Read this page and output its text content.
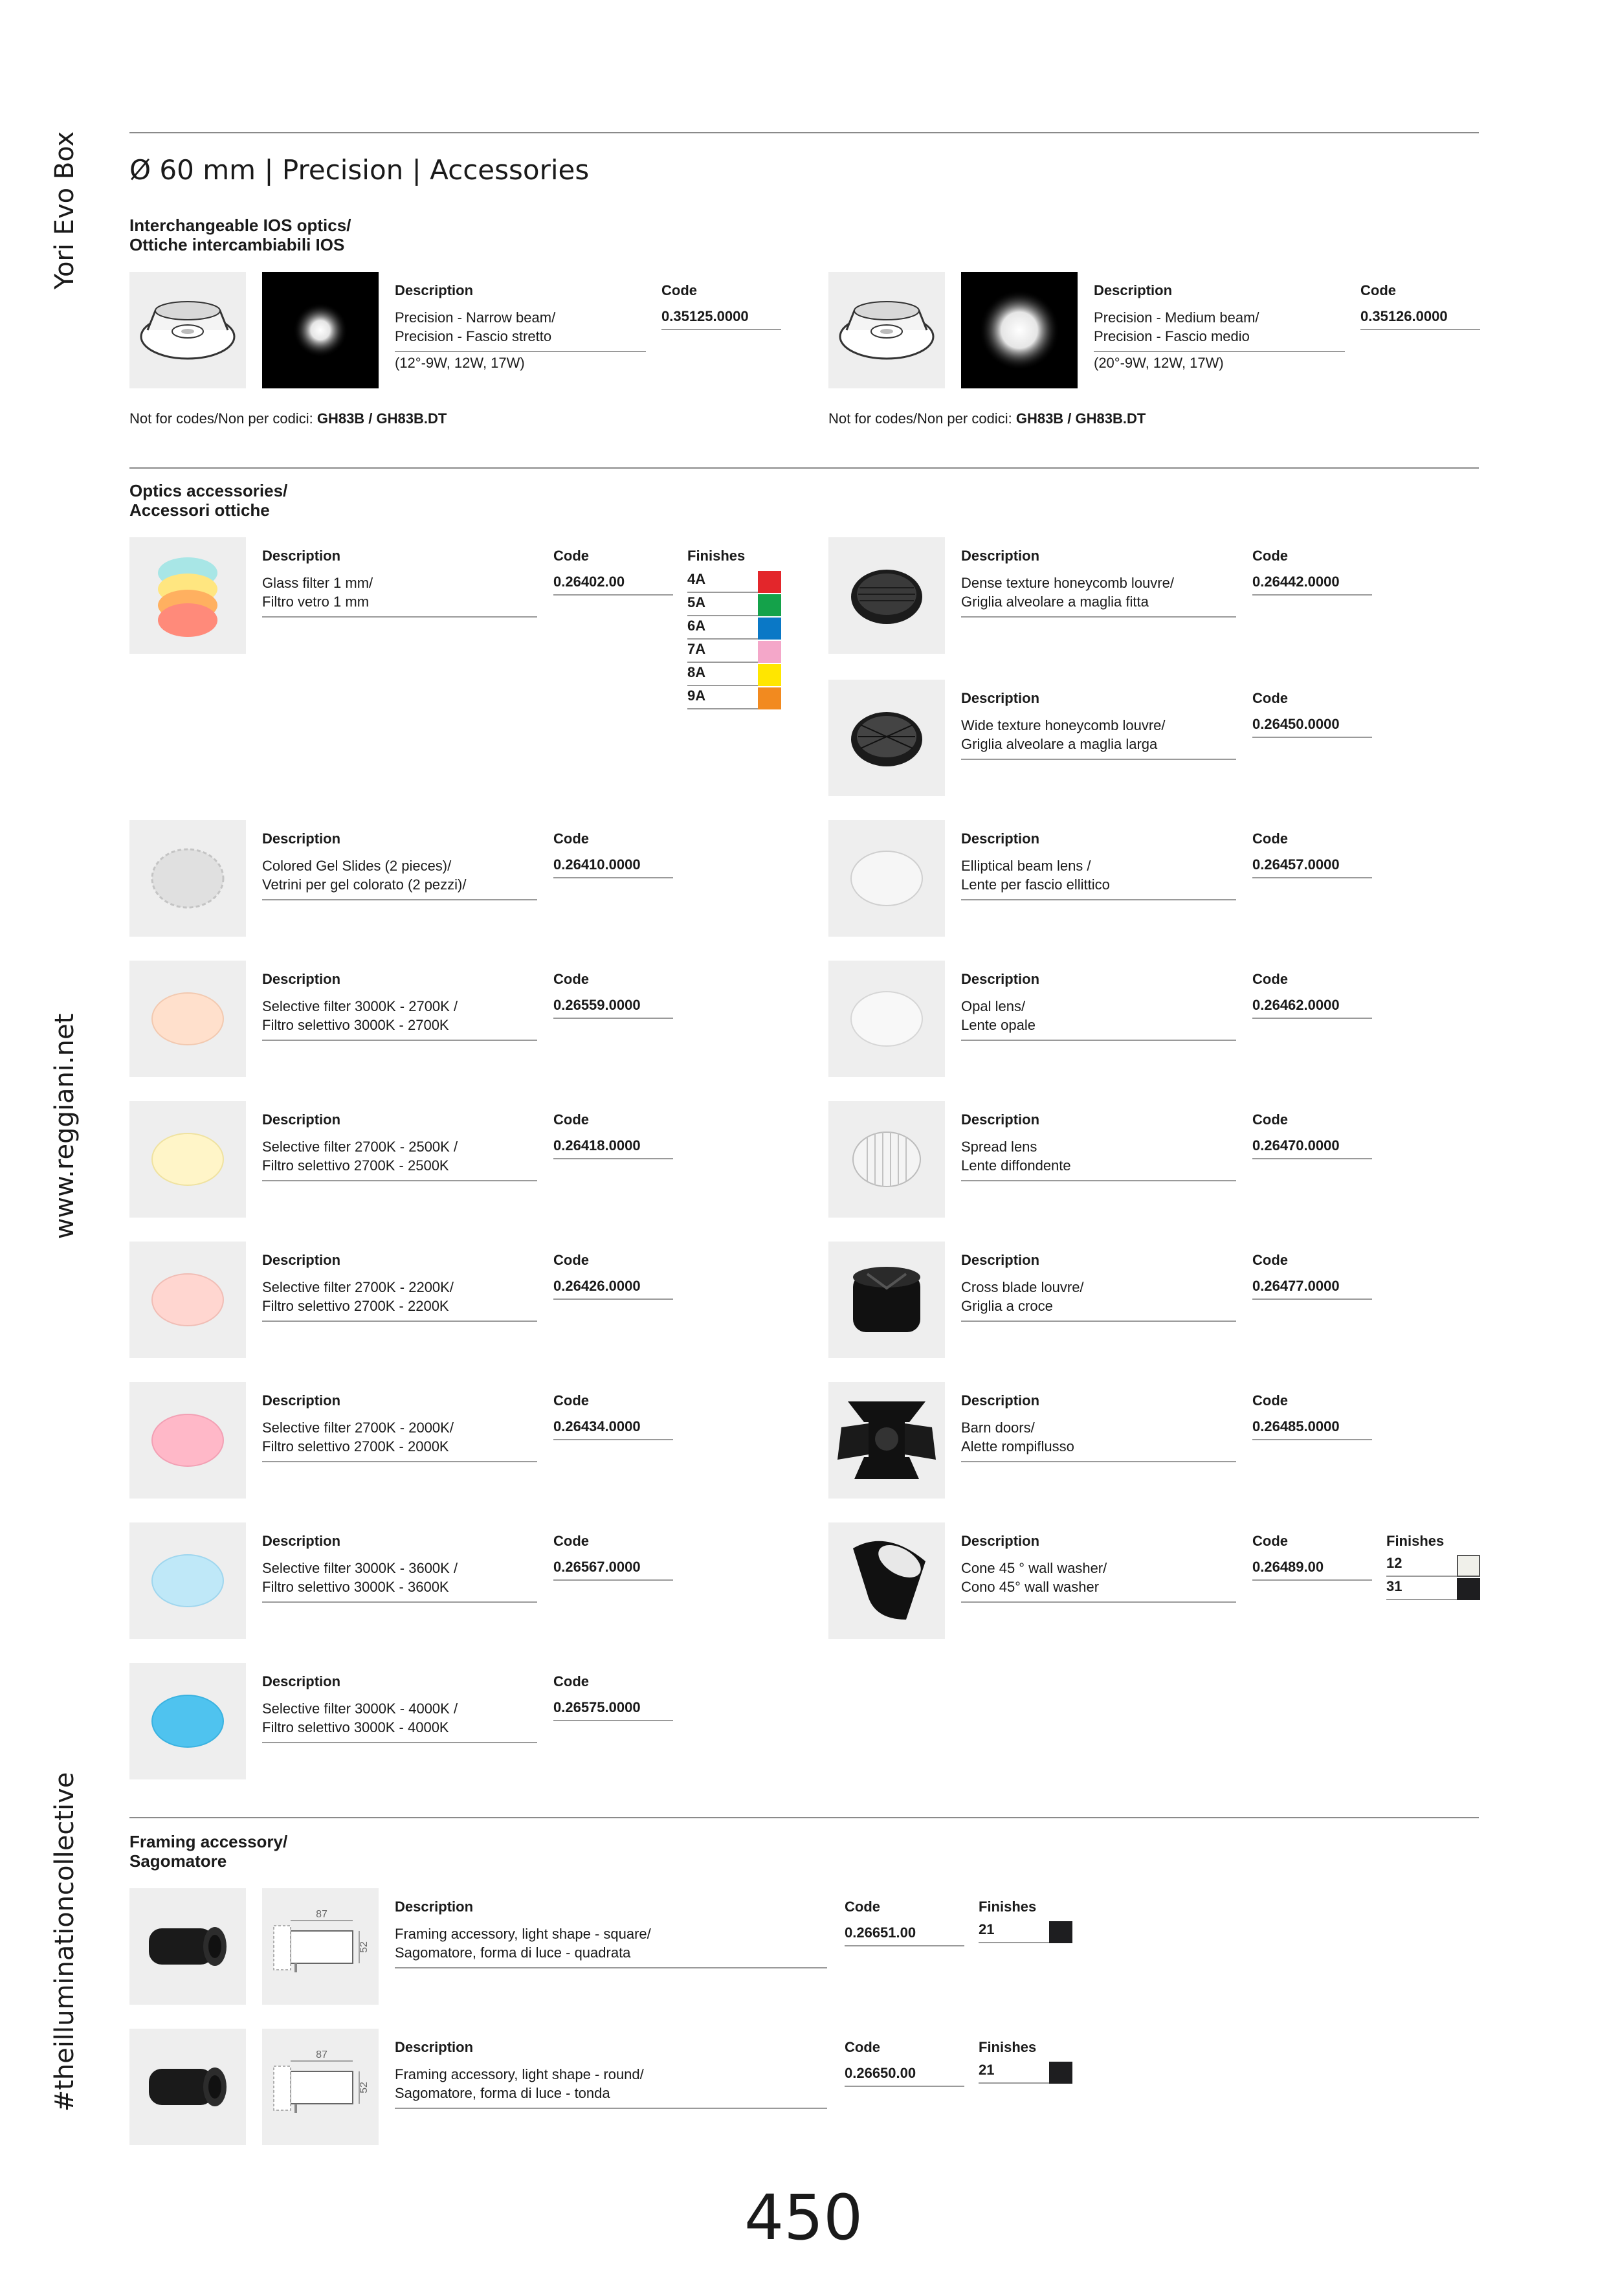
Yori Evo Box
www.reggiani.net
#theilluminationcollective
Ø 60 mm | Precision | Accessories
Interchangeable IOS optics/
Ottiche intercambiabili IOS
Description
Precision - Narrow beam/
Precision - Fascio stretto
(12°-9W, 12W, 17W)
Code
0.35125.0000
Not for codes/Non per codici: GH83B / GH83B.DT
Description
Precision - Medium beam/
Precision - Fascio medio
(20°-9W, 12W, 17W)
Code
0.35126.0000
Not for codes/Non per codici: GH83B / GH83B.DT
Optics accessories/
Accessori ottiche
Description
Glass filter 1 mm/
Filtro vetro 1 mm
Code
0.26402.00
Finishes
4A
5A
6A
7A
8A
9A
Description
Colored Gel Slides (2 pieces)/
Vetrini per gel colorato (2 pezzi)/
Code
0.26410.0000
Description
Selective filter 3000K - 2700K /
Filtro selettivo 3000K - 2700K
Code
0.26559.0000
Description
Selective filter 2700K - 2500K /
Filtro selettivo 2700K - 2500K
Code
0.26418.0000
Description
Selective filter 2700K - 2200K/
Filtro selettivo 2700K - 2200K
Code
0.26426.0000
Description
Selective filter 2700K - 2000K/
Filtro selettivo 2700K - 2000K
Code
0.26434.0000
Description
Selective filter 3000K - 3600K /
Filtro selettivo 3000K - 3600K
Code
0.26567.0000
Description
Selective filter 3000K - 4000K /
Filtro selettivo 3000K - 4000K
Code
0.26575.0000
Description
Dense texture honeycomb louvre/
Griglia alveolare a maglia fitta
Code
0.26442.0000
Description
Wide texture honeycomb louvre/
Griglia alveolare a maglia larga
Code
0.26450.0000
Description
Elliptical beam lens /
Lente per fascio ellittico
Code
0.26457.0000
Description
Opal lens/
Lente opale
Code
0.26462.0000
Description
Spread lens
Lente diffondente
Code
0.26470.0000
Description
Cross blade louvre/
Griglia a croce
Code
0.26477.0000
Description
Barn doors/
Alette rompiflusso
Code
0.26485.0000
Description
Cone 45 ° wall washer/
Cono 45° wall washer
Code
0.26489.00
Finishes
12
31
Framing accessory/
Sagomatore
87
52
Description
Framing accessory, light shape - square/
Sagomatore, forma di luce - quadrata
Code
0.26651.00
Finishes
21
87
52
Description
Framing accessory, light shape - round/
Sagomatore, forma di luce - tonda
Code
0.26650.00
Finishes
21
450
